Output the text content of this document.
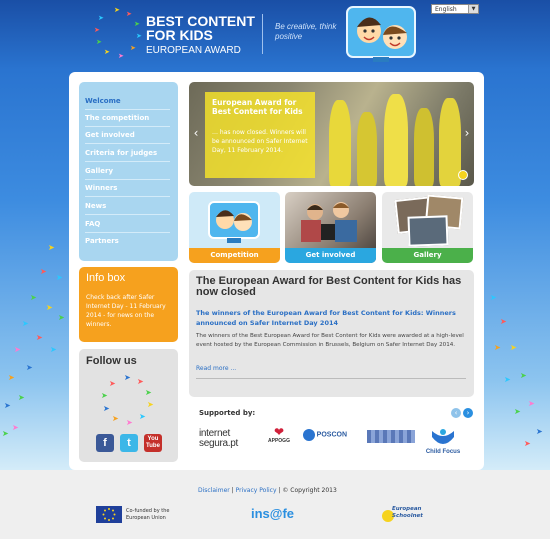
➤ ➤
➤
➤
➤
➤
➤
➤
➤
➤	BEST CONTENT FOR KIDS
EUROPEAN AWARD
Be creative, think positive
English	▼
➤
➤
➤
➤
➤
➤
➤
➤
➤
➤
➤
➤
➤
➤
➤
➤
➤
➤
➤
➤
➤
➤
➤
➤
➤
➤
Welcome
The competition
Get involved
Criteria for judges
Gallery
Winners
News
FAQ
Partners
Info box
Check back after Safer Internet Day - 11 February 2014 - for news on the winners.
Follow us
➤ ➤
➤
➤
➤
➤
➤
➤
➤
➤
f	t	You Tube
European Award for Best Content for Kids
… has now closed. Winners will be announced on Safer Internet Day, 11 February 2014.
‹	›
Competition	Get involved	Gallery
The European Award for Best Content for Kids has now closed
The winners of the European Award for Best Content for Kids: Winners announced on Safer Internet Day 2014
The winners of the Best European Award for Best Content for Kids were awarded at a high-level event hosted by the European Commission in Brussels, Belgium on Safer Internet Day 2014.
Read more ...
Supported by:	‹	›
internet segura.pt
❤
APPOGG
POSCON
Child Focus
Disclaimer | Privacy Policy | © Copyright 2013
Co-funded by the European Union	ins@fe	European Schoolnet
